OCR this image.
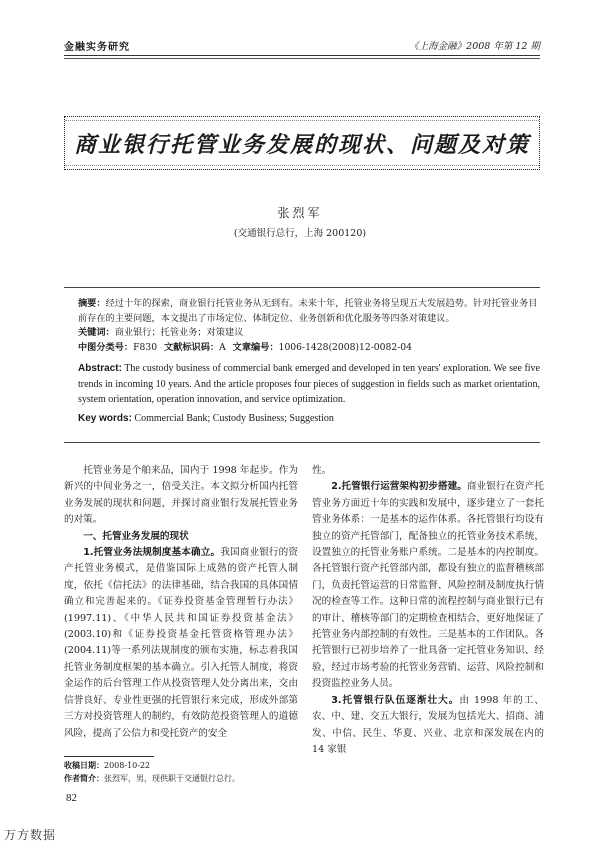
金融实务研究	《上海金融》2008 年第 12 期
商业银行托管业务发展的现状、问题及对策
张烈军
(交通银行总行，上海 200120)
摘要：经过十年的探索，商业银行托管业务从无到有。未来十年，托管业务将呈现五大发展趋势。针对托管业务目前存在的主要问题，本文提出了市场定位、体制定位、业务创新和优化服务等四条对策建议。
关键词：商业银行；托管业务；对策建议
中图分类号：F830 文献标识码：A 文章编号：1006-1428(2008)12-0082-04
Abstract: The custody business of commercial bank emerged and developed in ten years' exploration. We see five trends in incoming 10 years. And the article proposes four pieces of suggestion in fields such as market orientation, system orientation, operation innovation, and service optimization.
Key words: Commercial Bank; Custody Business; Suggestion

托管业务是个舶来品，国内于 1998 年起步。作为新兴的中间业务之一，倍受关注。本文拟分析国内托管业务发展的现状和问题，并探讨商业银行发展托管业务的对策。

一、托管业务发展的现状

1.托管业务法规制度基本确立。我国商业银行的资产托管业务模式，是借鉴国际上成熟的资产托管人制度，依托《信托法》的法律基础，结合我国的具体国情确立和完善起来的。《证券投资基金管理暂行办法》(1997.11)、《中华人民共和国证券投资基金法》(2003.10)和《证券投资基金托管资格管理办法》(2004.11)等一系列法规制度的颁布实施，标志着我国托管业务制度框架的基本确立。引入托管人制度，将资金运作的后台管理工作从投资管理人处分离出来，交由信誉良好、专业性更强的托管银行来完成，形成外部第三方对投资管理人的制约，有效防范投资管理人的道德风险，提高了公信力和受托资产的安全

性。

2.托管银行运营架构初步搭建。商业银行在资产托管业务方面近十年的实践和发展中，逐步建立了一套托管业务体系：一是基本的运作体系。各托管银行均设有独立的资产托管部门，配备独立的托管业务技术系统，设置独立的托管业务账户系统。二是基本的内控制度。各托管银行资产托管部内部，都设有独立的监督稽核部门，负责托管运营的日常监督、风险控制及制度执行情况的检查等工作。这种日常的流程控制与商业银行已有的审计、稽核等部门的定期检查相结合，更好地保证了托管业务内部控制的有效性。三是基本的工作团队。各托管银行已初步培养了一批具备一定托管业务知识、经验，经过市场考验的托管业务营销、运营、风险控制和投资监控业务人员。

3.托管银行队伍逐渐壮大。由 1998 年的工、农、中、建、交五大银行，发展为包括光大、招商、浦发、中信、民生、华夏、兴业、北京和深发展在内的 14 家银

收稿日期：2008-10-22
作者简介：张烈军，男，现供职于交通银行总行。
82
万方数据
